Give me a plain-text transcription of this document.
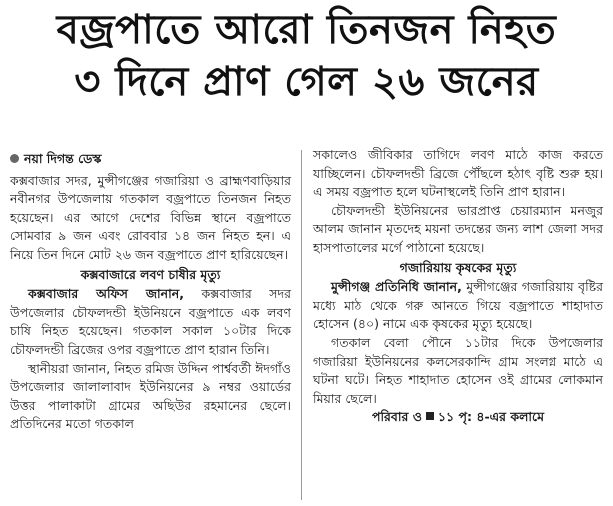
বজ্রপাতে আরো তিনজন নিহত
৩ দিনে প্রাণ গেল ২৬ জনের
নয়া দিগন্ত ডেস্ক

কক্সবাজার সদর, মুন্সীগঞ্জের গজারিয়া ও ব্রাহ্মণবাড়িয়ার নবীনগর উপজেলায় গতকাল বজ্রপাতে তিনজন নিহত হয়েছেন। এর আগে দেশের বিভিন্ন স্থানে বজ্রপাতে সোমবার ৯ জন এবং রোববার ১৪ জন নিহত হন। এ নিয়ে তিন দিনে মোট ২৬ জন বজ্রপাতে প্রাণ হারিয়েছেন।

কক্সবাজারে লবণ চাষীর মৃত্যু

কক্সবাজার অফিস জানান, কক্সবাজার সদর উপজেলার চৌফলদন্ডী ইউনিয়নে বজ্রপাতে এক লবণ চাষি নিহত হয়েছেন। গতকাল সকাল ১০টার দিকে চৌফলদন্ডী ব্রিজের ওপর বজ্রপাতে প্রাণ হারান তিনি।

স্থানীয়রা জানান, নিহত রমিজ উদ্দিন পার্শ্ববর্তী ঈদগাঁও উপজেলার জালালাবাদ ইউনিয়নের ৯ নম্বর ওয়ার্ডের উত্তর পালাকাটা গ্রামের অছিউর রহমানের ছেলে। প্রতিদিনের মতো গতকাল

সকালেও জীবিকার তাগিদে লবণ মাঠে কাজ করতে যাচ্ছিলেন। চৌফলদন্ডী ব্রিজে পৌঁছলে হঠাৎ বৃষ্টি শুরু হয়। এ সময় বজ্রপাত হলে ঘটনাস্থলেই তিনি প্রাণ হারান।

চৌফলদন্ডী ইউনিয়নের ভারপ্রাপ্ত চেয়ারম্যান মনজুর আলম জানান মৃতদেহ ময়না তদন্তের জন্য লাশ জেলা সদর হাসপাতালের মর্গে পাঠানো হয়েছে।

গজারিয়ায় কৃষকের মৃত্যু

মুন্সীগঞ্জ প্রতিনিধি জানান, মুন্সীগঞ্জের গজারিয়ায় বৃষ্টির মধ্যে মাঠ থেকে গরু আনতে গিয়ে বজ্রপাতে শাহাদাত হোসেন (৪০) নামে এক কৃষকের মৃত্যু হয়েছে।

গতকাল বেলা পৌনে ১১টার দিকে উপজেলার গজারিয়া ইউনিয়নের কলসেরকান্দি গ্রাম সংলগ্ন মাঠে এ ঘটনা ঘটে। নিহত শাহাদাত হোসেন ওই গ্রামের লোকমান মিয়ার ছেলে।

পরিবার ও ১১ পৃ: ৪-এর কলামে
